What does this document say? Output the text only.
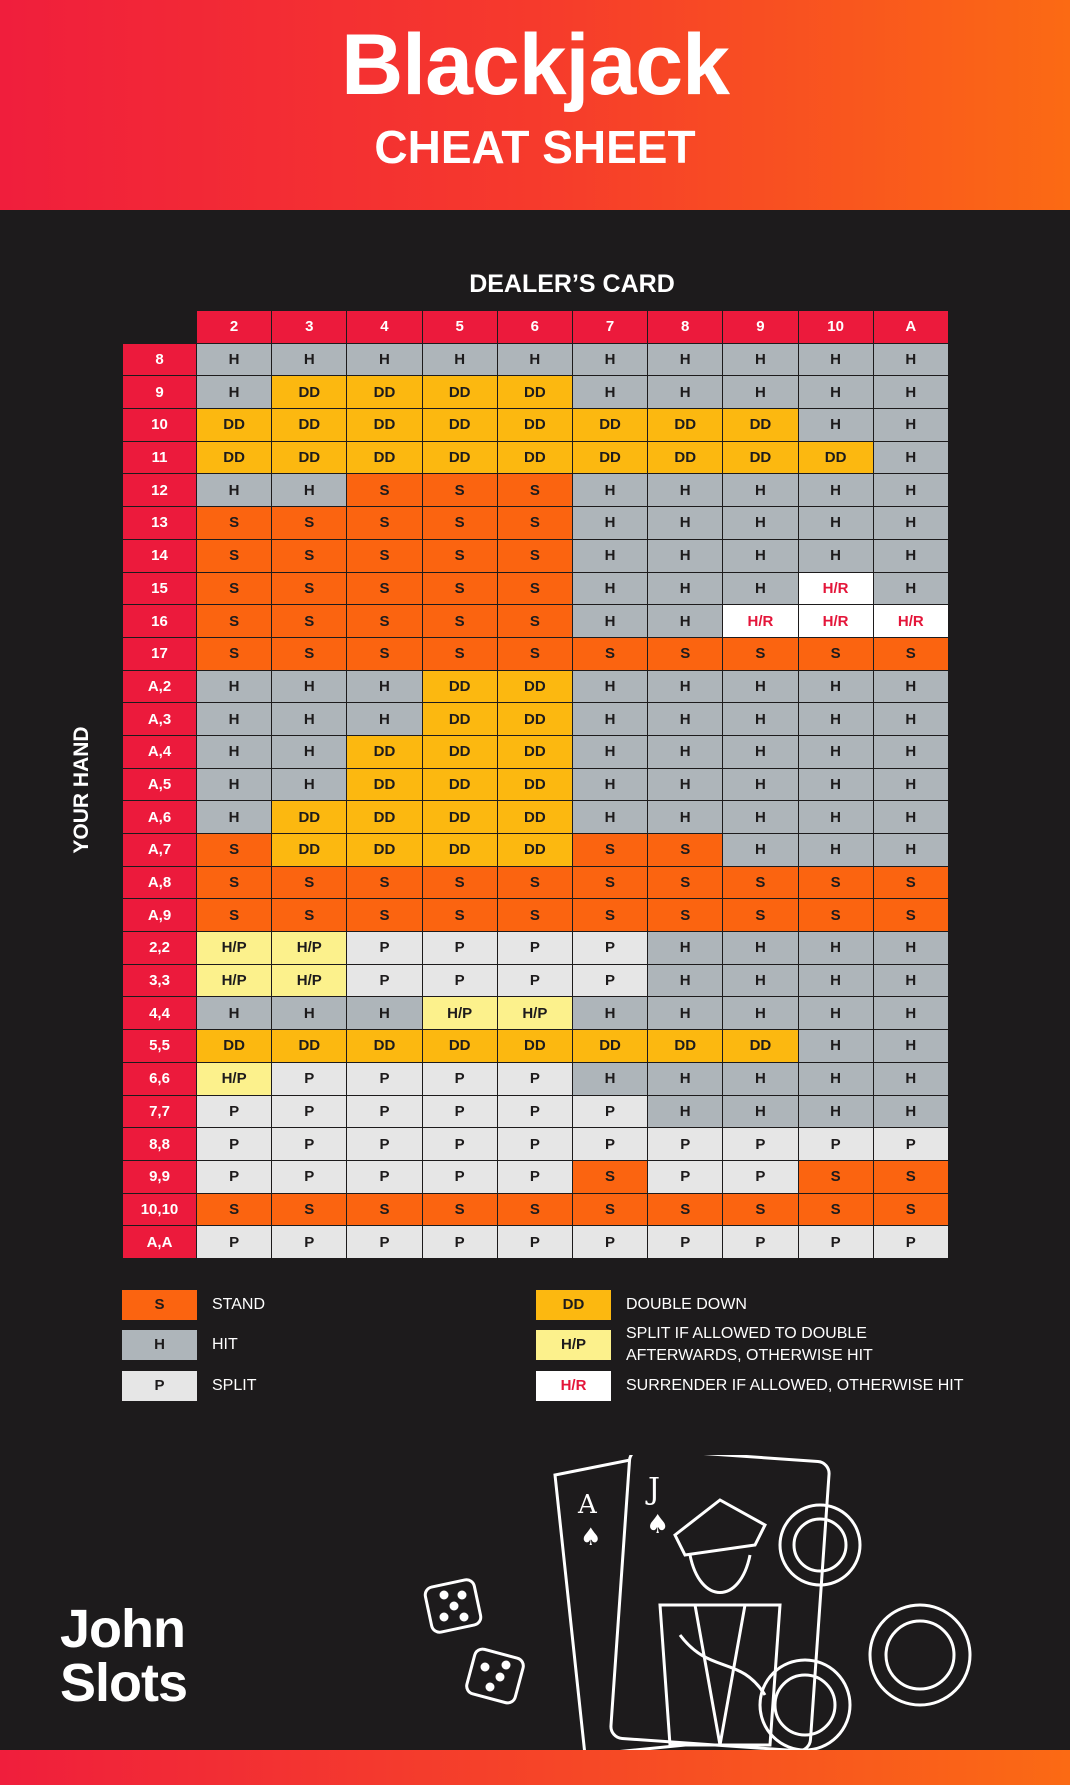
Blackjack
CHEAT SHEET
DEALER’S CARD
YOUR HAND
	2	3	4	5	6	7	8	9	10	A
8	H	H	H	H	H	H	H	H	H	H
9	H	DD	DD	DD	DD	H	H	H	H	H
10	DD	DD	DD	DD	DD	DD	DD	DD	H	H
11	DD	DD	DD	DD	DD	DD	DD	DD	DD	H
12	H	H	S	S	S	H	H	H	H	H
13	S	S	S	S	S	H	H	H	H	H
14	S	S	S	S	S	H	H	H	H	H
15	S	S	S	S	S	H	H	H	H/R	H
16	S	S	S	S	S	H	H	H/R	H/R	H/R
17	S	S	S	S	S	S	S	S	S	S
A,2	H	H	H	DD	DD	H	H	H	H	H
A,3	H	H	H	DD	DD	H	H	H	H	H
A,4	H	H	DD	DD	DD	H	H	H	H	H
A,5	H	H	DD	DD	DD	H	H	H	H	H
A,6	H	DD	DD	DD	DD	H	H	H	H	H
A,7	S	DD	DD	DD	DD	S	S	H	H	H
A,8	S	S	S	S	S	S	S	S	S	S
A,9	S	S	S	S	S	S	S	S	S	S
2,2	H/P	H/P	P	P	P	P	H	H	H	H
3,3	H/P	H/P	P	P	P	P	H	H	H	H
4,4	H	H	H	H/P	H/P	H	H	H	H	H
5,5	DD	DD	DD	DD	DD	DD	DD	DD	H	H
6,6	H/P	P	P	P	P	H	H	H	H	H
7,7	P	P	P	P	P	P	H	H	H	H
8,8	P	P	P	P	P	P	P	P	P	P
9,9	P	P	P	P	P	S	P	P	S	S
10,10	S	S	S	S	S	S	S	S	S	S
A,A	P	P	P	P	P	P	P	P	P	P
S	STAND
H	HIT
P	SPLIT
DD	DOUBLE DOWN
H/P
SPLIT IF ALLOWED TO DOUBLE
AFTERWARDS, OTHERWISE HIT
H/R	SURRENDER IF ALLOWED, OTHERWISE HIT
A
♠
J
♠
John
Slots
